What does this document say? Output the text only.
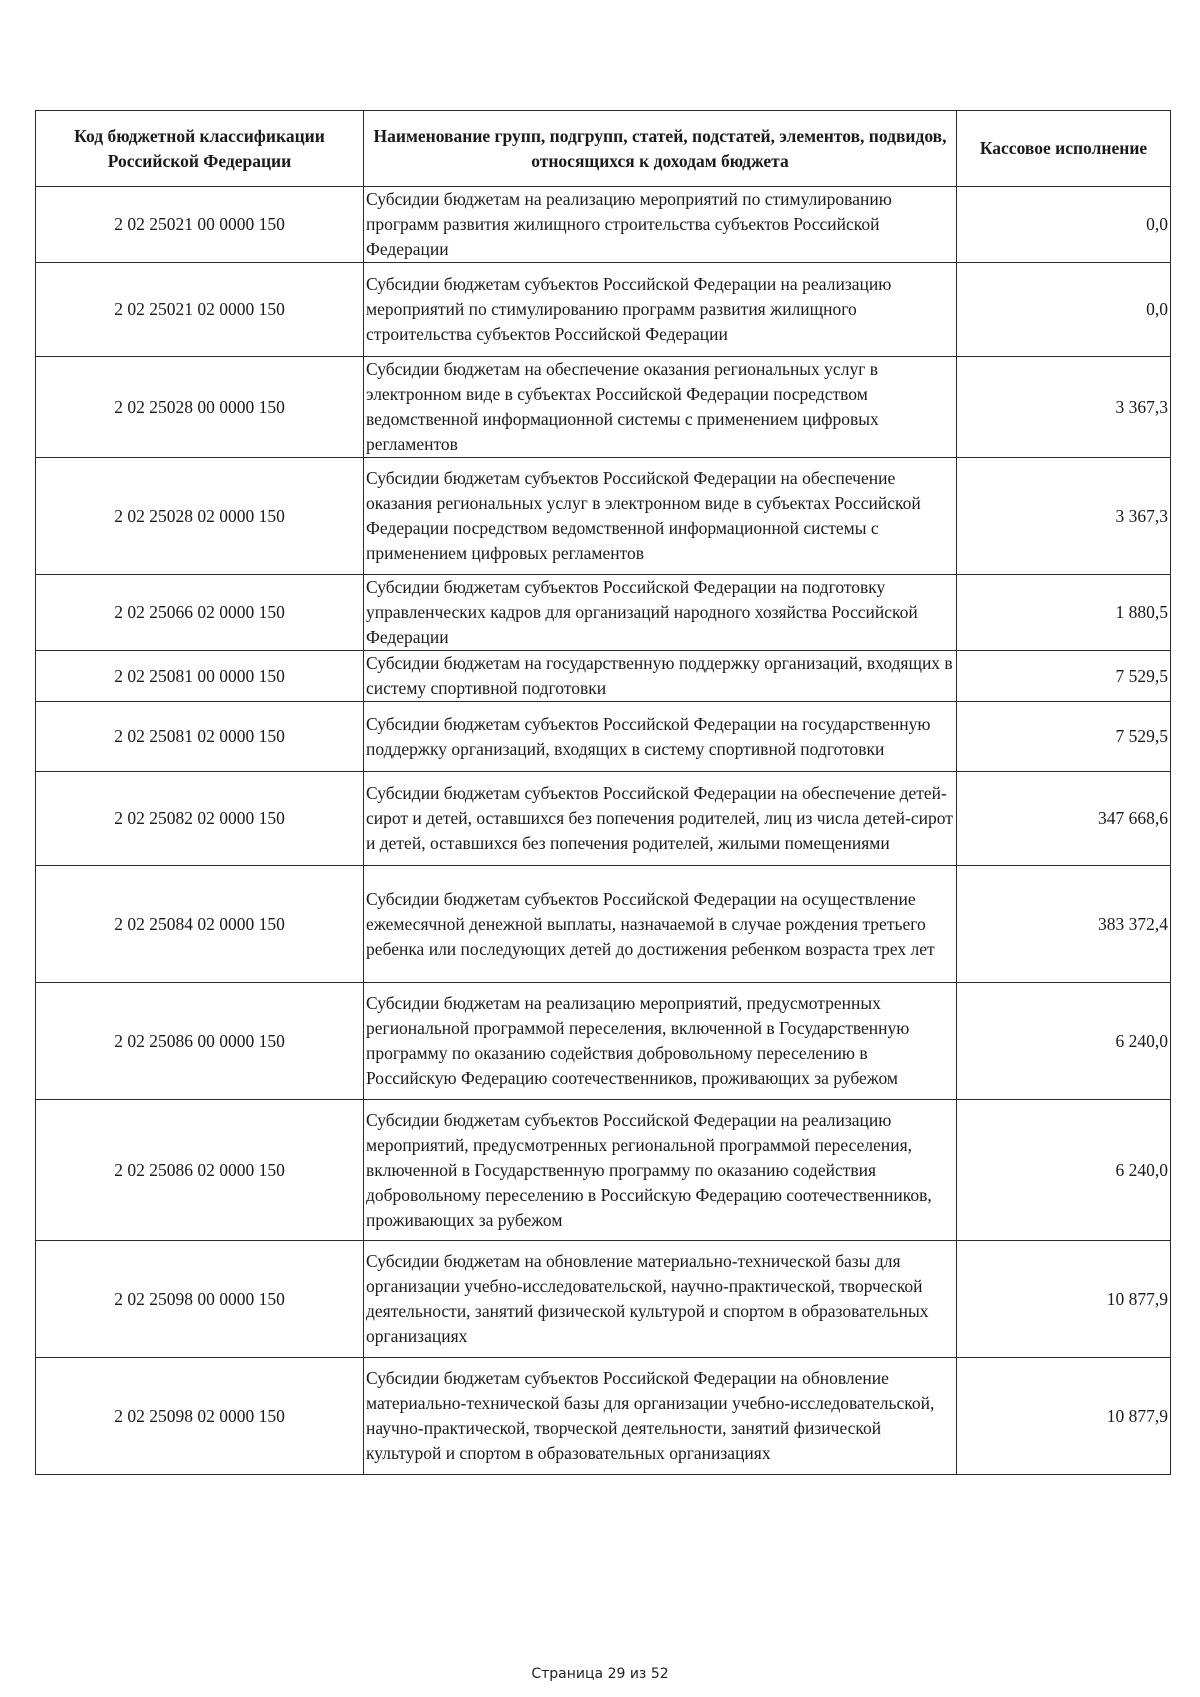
Код бюджетной классификации Российской Федерации	Наименование групп, подгрупп, статей, подстатей, элементов, подвидов, относящихся к доходам бюджета	Кассовое исполнение
2 02 25021 00 0000 150	Субсидии бюджетам на реализацию мероприятий по стимулированию программ развития жилищного строительства субъектов Российской Федерации	0,0
2 02 25021 02 0000 150	Субсидии бюджетам субъектов Российской Федерации на реализацию мероприятий по стимулированию программ развития жилищного строительства субъектов Российской Федерации	0,0
2 02 25028 00 0000 150	Субсидии бюджетам на обеспечение оказания региональных услуг в электронном виде в субъектах Российской Федерации посредством ведомственной информационной системы с применением цифровых регламентов	3 367,3
2 02 25028 02 0000 150	Субсидии бюджетам субъектов Российской Федерации на обеспечение оказания региональных услуг в электронном виде в субъектах Российской Федерации посредством ведомственной информационной системы с применением цифровых регламентов	3 367,3
2 02 25066 02 0000 150	Субсидии бюджетам субъектов Российской Федерации на подготовку управленческих кадров для организаций народного хозяйства Российской Федерации	1 880,5
2 02 25081 00 0000 150	Субсидии бюджетам на государственную поддержку организаций, входящих в систему спортивной подготовки	7 529,5
2 02 25081 02 0000 150	Субсидии бюджетам субъектов Российской Федерации на государственную поддержку организаций, входящих в систему спортивной подготовки	7 529,5
2 02 25082 02 0000 150	Субсидии бюджетам субъектов Российской Федерации на обеспечение детей-сирот и детей, оставшихся без попечения родителей, лиц из числа детей-сирот и детей, оставшихся без попечения родителей, жилыми помещениями	347 668,6
2 02 25084 02 0000 150	Субсидии бюджетам субъектов Российской Федерации на осуществление ежемесячной денежной выплаты, назначаемой в случае рождения третьего ребенка или последующих детей до достижения ребенком возраста трех лет	383 372,4
2 02 25086 00 0000 150	Субсидии бюджетам на реализацию мероприятий, предусмотренных региональной программой переселения, включенной в Государственную программу по оказанию содействия добровольному переселению в Российскую Федерацию соотечественников, проживающих за рубежом	6 240,0
2 02 25086 02 0000 150	Субсидии бюджетам субъектов Российской Федерации на реализацию мероприятий, предусмотренных региональной программой переселения, включенной в Государственную программу по оказанию содействия добровольному переселению в Российскую Федерацию соотечественников, проживающих за рубежом	6 240,0
2 02 25098 00 0000 150	Субсидии бюджетам на обновление материально-технической базы для организации учебно-исследовательской, научно-практической, творческой деятельности, занятий физической культурой и спортом в образовательных организациях	10 877,9
2 02 25098 02 0000 150	Субсидии бюджетам субъектов Российской Федерации на обновление материально-технической базы для организации учебно-исследовательской, научно-практической, творческой деятельности, занятий физической культурой и спортом в образовательных организациях	10 877,9
Страница 29 из 52
